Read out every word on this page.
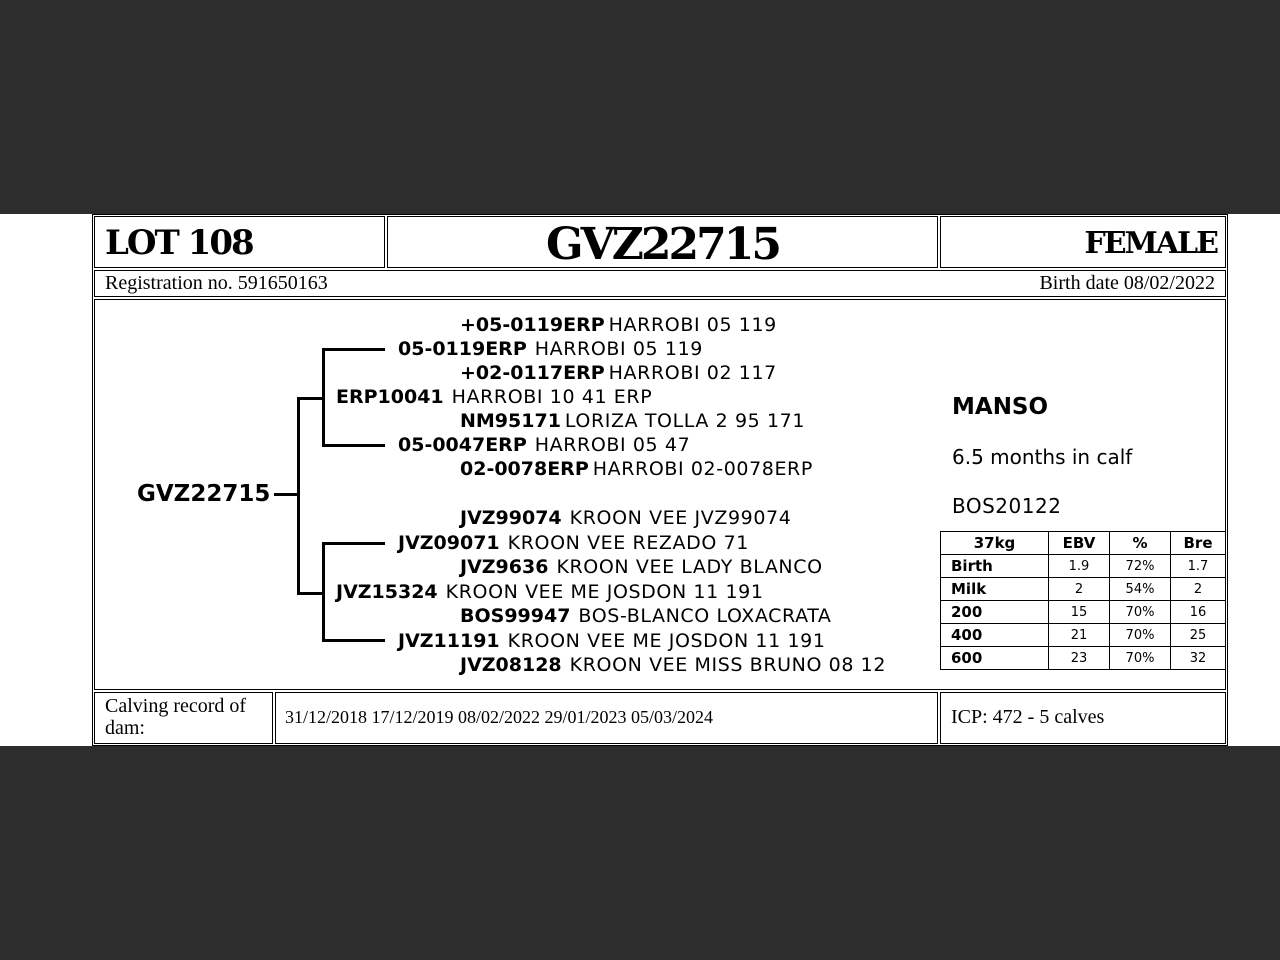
LOT 108	GVZ22715	FEMALE
Registration no. 591650163	Birth date 08/02/2022
GVZ22715
+05-0119ERP HARROBI 05 119
05-0119ERP HARROBI 05 119
+02-0117ERP HARROBI 02 117
ERP10041 HARROBI 10 41 ERP
NM95171 LORIZA TOLLA 2 95 171
05-0047ERP HARROBI 05 47
02-0078ERP HARROBI 02-0078ERP
JVZ99074 KROON VEE JVZ99074
JVZ09071 KROON VEE REZADO 71
JVZ9636 KROON VEE LADY BLANCO
JVZ15324 KROON VEE ME JOSDON 11 191
BOS99947 BOS-BLANCO LOXACRATA
JVZ11191 KROON VEE ME JOSDON 11 191
JVZ08128 KROON VEE MISS BRUNO 08 12
MANSO
6.5 months in calf
BOS20122
37kg	EBV	%	Bre

Birth	1.9	72%	1.7
Milk	2	54%	2
200	15	70%	16
400	21	70%	25
600	23	70%	32
Calving record of dam:	31/12/2018 17/12/2019 08/02/2022 29/01/2023 05/03/2024	ICP: 472 - 5 calves
